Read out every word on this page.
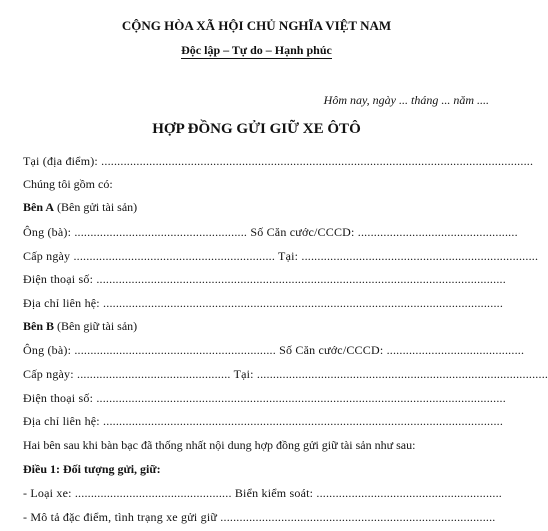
CỘNG HÒA XÃ HỘI CHỦ NGHĨA VIỆT NAM
Độc lập – Tự do – Hạnh phúc
Hôm nay, ngày ... tháng ... năm ....
HỢP ĐỒNG GỬI GIỮ XE ÔTÔ
Tại (địa điểm): .......................................................................................................................................
Chúng tôi gồm có:
Bên A (Bên gửi tài sản)
Ông (bà): ...................................................... Số Căn cước/CCCD: ..................................................
Cấp ngày ............................................................... Tại: ..........................................................................
Điện thoại số: ................................................................................................................................
Địa chỉ liên hệ: .............................................................................................................................
Bên B (Bên giữ tài sản)
Ông (bà): ............................................................... Số Căn cước/CCCD: ...........................................
Cấp ngày: ................................................ Tại: ...........................................................................................
Điện thoại số: ................................................................................................................................
Địa chỉ liên hệ: .............................................................................................................................
Hai bên sau khi bàn bạc đã thống nhất nội dung hợp đồng gửi giữ tài sản như sau:
Điều 1: Đối tượng gửi, giữ:
- Loại xe: ................................................. Biển kiểm soát: ..........................................................
- Mô tả đặc điểm, tình trạng xe gửi giữ ......................................................................................
